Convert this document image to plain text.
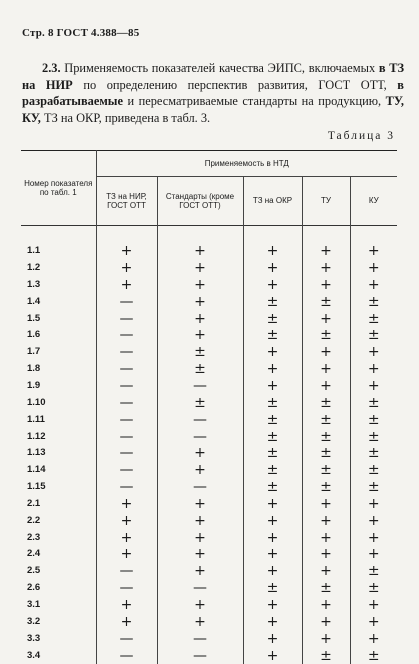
Стр. 8 ГОСТ 4.388—85

2.3. Применяемость показателей качества ЭИПС, включаемых в ТЗ на НИР по определению перспектив развития, ГОСТ ОТТ, в разрабатываемые и пересматриваемые стандарты на продукцию, ТУ, КУ, ТЗ на ОКР, приведена в табл. 3.

Таблица 3
Номер показателя по табл. 1	Применяемость в НТД				
	ТЗ на НИР, ГОСТ ОТТ	Стандарты (кроме ГОСТ ОТТ)	ТЗ на ОКР	ТУ	КУ

1.1	+	+	+	+	+
1.2	+	+	+	+	+
1.3	+	+	+	+	+
1.4	—	+	±	±	±
1.5	—	+	±	+	±
1.6	—	+	±	±	±
1.7	—	±	+	+	+
1.8	—	±	+	+	+
1.9	—	—	+	+	+
1.10	—	±	±	±	±
1.11	—	—	±	±	±
1.12	—	—	±	±	±
1.13	—	+	±	±	±
1.14	—	+	±	±	±
1.15	—	—	±	±	±
2.1	+	+	+	+	+
2.2	+	+	+	+	+
2.3	+	+	+	+	+
2.4	+	+	+	+	+
2.5	—	+	+	+	±
2.6	—	—	±	±	±
3.1	+	+	+	+	+
3.2	+	+	+	+	+
3.3	—	—	+	+	+
3.4	—	—	+	±	±
